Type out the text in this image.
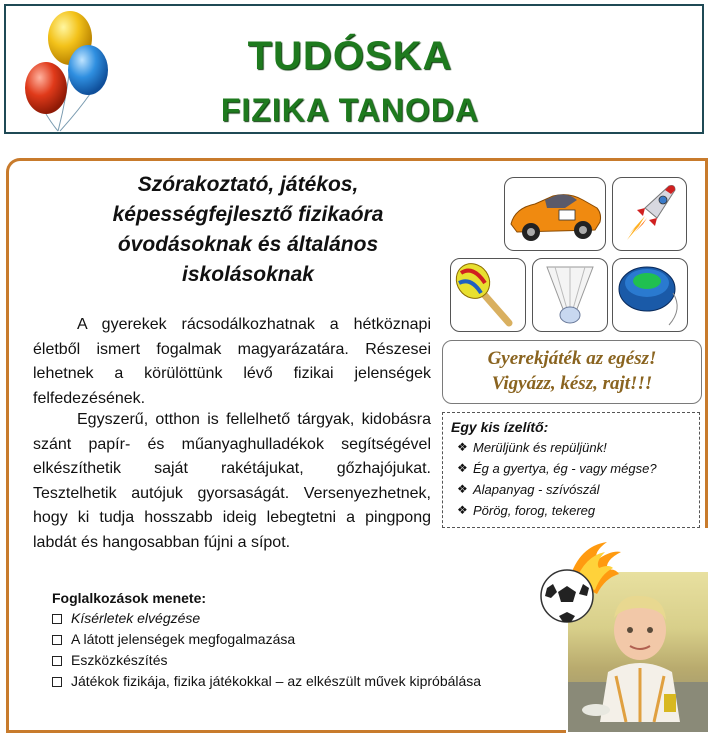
TUDÓSKA
FIZIKA TANODA
Szórakoztató, játékos,
képességfejlesztő fizikaóra
óvodásoknak és általános
iskolásoknak
A gyerekek rácsodálkozhatnak a hétköznapi életből ismert fogalmak magyarázatára. Részesei lehetnek a körülöttünk lévő fizikai jelenségek felfedezésének.
Egyszerű, otthon is fellelhető tárgyak, kidobásra szánt papír- és műanyaghulladékok segítségével elkészíthetik saját rakétájukat, gőzhajójukat. Tesztelhetik autójuk gyorsaságát. Versenyezhetnek, hogy ki tudja hosszabb ideig lebegtetni a pingpong labdát és hangosabban fújni a sípot.
Foglalkozások menete:
Kísérletek elvégzése
A látott jelenségek megfogalmazása
Eszközkészítés
Játékok fizikája, fizika játékokkal – az elkészült művek kipróbálása
Gyerekjáték az egész!
Vigyázz, kész, rajt!!!
Egy kis ízelítő:
❖ Merüljünk és repüljünk!
❖ Ég a gyertya, ég - vagy mégse?
❖ Alapanyag - szívószál
❖ Pörög, forog, tekereg
